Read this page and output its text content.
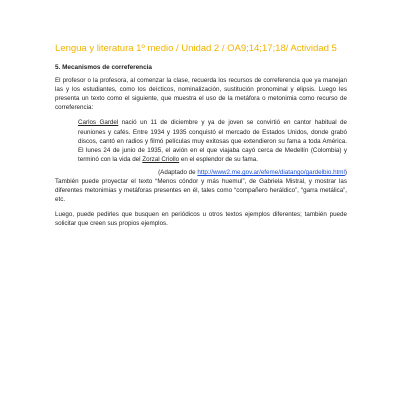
Lengua y literatura 1º medio / Unidad 2 / OA9;14;17;18/ Actividad 5
5. Mecanismos de correferencia

El profesor o la profesora, al comenzar la clase, recuerda los recursos de correferencia que ya manejan las y los estudiantes, como los deícticos, nominalización, sustitución pronominal y elipsis. Luego les presenta un texto como el siguiente, que muestra el uso de la metáfora o metonimia como recurso de correferencia:

Carlos Gardel nació un 11 de diciembre y ya de joven se convirtió en cantor habitual de reuniones y cafés. Entre 1934 y 1935 conquistó el mercado de Estados Unidos, donde grabó discos, cantó en radios y filmó películas muy exitosas que extendieron su fama a toda América. El lunes 24 de junio de 1935, el avión en el que viajaba cayó cerca de Medellín (Colombia) y terminó con la vida del Zorzal Criollo en el esplendor de su fama.

(Adaptado de http://www2.me.gov.ar/efeme/diatango/gardelbio.html)

También puede proyectar el texto “Menos cóndor y más huemul”, de Gabriela Mistral, y mostrar las diferentes metonimias y metáforas presentes en él, tales como “compañero heráldico”, “garra metálica”, etc.

Luego, puede pedirles que busquen en periódicos u otros textos ejemplos diferentes; también puede solicitar que creen sus propios ejemplos.
